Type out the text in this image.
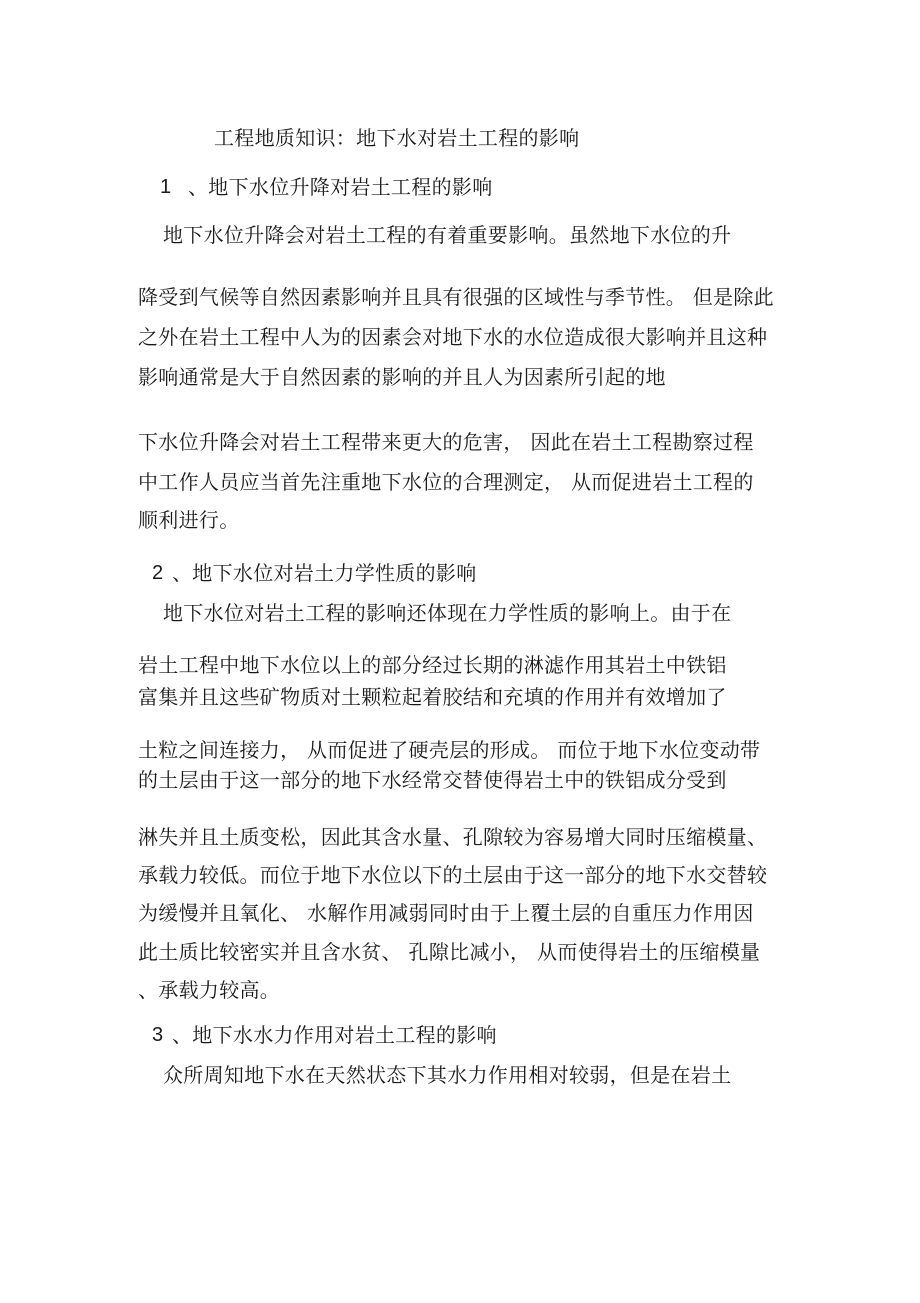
工程地质知识：地下水对岩土工程的影响
1 、地下水位升降对岩土工程的影响
地下水位升降会对岩土工程的有着重要影响。虽然地下水位的升
降受到气候等自然因素影响并且具有很强的区域性与季节性。 但是除此
之外在岩土工程中人为的因素会对地下水的水位造成很大影响并且这种
影响通常是大于自然因素的影响的并且人为因素所引起的地
下水位升降会对岩土工程带来更大的危害， 因此在岩土工程勘察过程
中工作人员应当首先注重地下水位的合理测定， 从而促进岩土工程的
顺利进行。
2 、地下水位对岩土力学性质的影响
地下水位对岩土工程的影响还体现在力学性质的影响上。由于在
岩土工程中地下水位以上的部分经过长期的淋滤作用其岩土中铁铝
富集并且这些矿物质对土颗粒起着胶结和充填的作用并有效增加了
土粒之间连接力， 从而促进了硬壳层的形成。 而位于地下水位变动带
的土层由于这一部分的地下水经常交替使得岩土中的铁铝成分受到
淋失并且土质变松，因此其含水量、孔隙较为容易增大同时压缩模量、
承载力较低。而位于地下水位以下的土层由于这一部分的地下水交替较
为缓慢并且氧化、 水解作用减弱同时由于上覆土层的自重压力作用因
此土质比较密实并且含水贫、 孔隙比减小， 从而使得岩土的压缩模量
、承载力较高。
3 、地下水水力作用对岩土工程的影响
众所周知地下水在天然状态下其水力作用相对较弱，但是在岩土
